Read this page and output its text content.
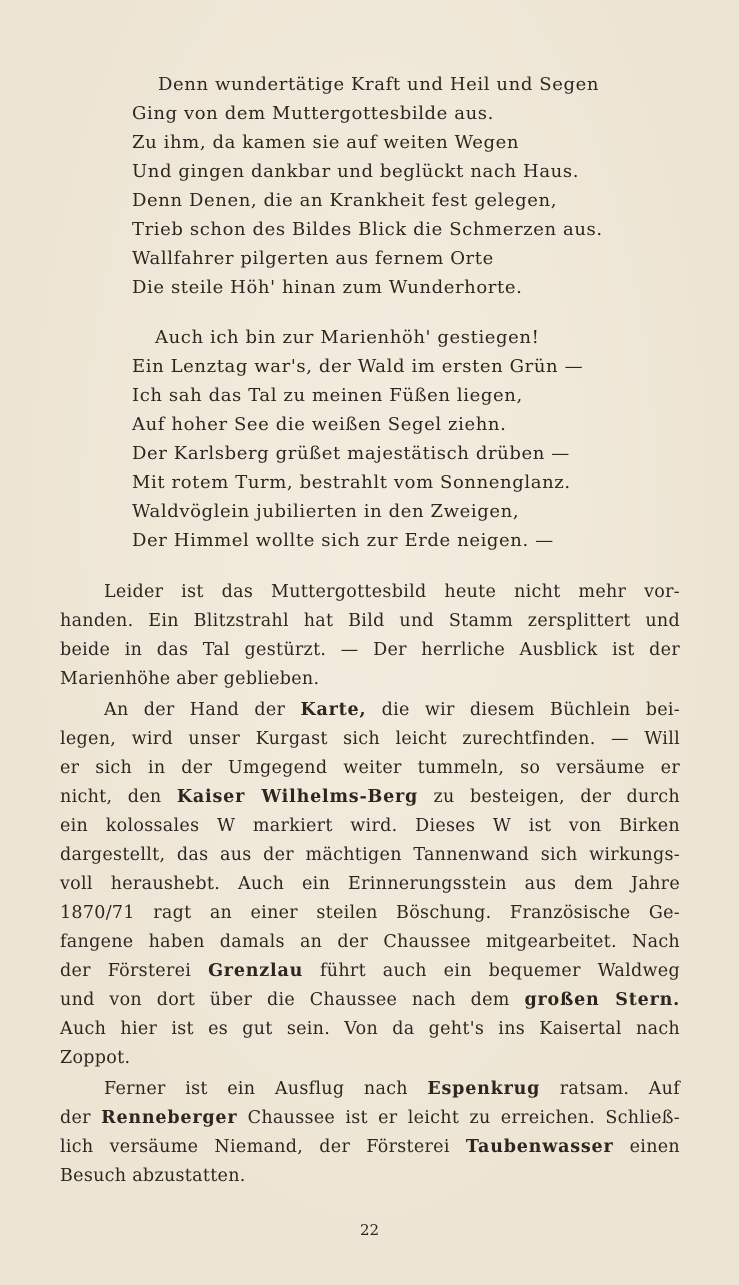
Denn wundertätige Kraft und Heil und Segen
Ging von dem Muttergottesbilde aus.
Zu ihm, da kamen sie auf weiten Wegen
Und gingen dankbar und beglückt nach Haus.
Denn Denen, die an Krankheit fest gelegen,
Trieb schon des Bildes Blick die Schmerzen aus.
Wallfahrer pilgerten aus fernem Orte
Die steile Höh' hinan zum Wunderhorte.
Auch ich bin zur Marienhöh' gestiegen!
Ein Lenztag war's, der Wald im ersten Grün —
Ich sah das Tal zu meinen Füßen liegen,
Auf hoher See die weißen Segel ziehn.
Der Karlsberg grüßet majestätisch drüben —
Mit rotem Turm, bestrahlt vom Sonnenglanz.
Waldvöglein jubilierten in den Zweigen,
Der Himmel wollte sich zur Erde neigen. —
Leider ist das Muttergottesbild heute nicht mehr vor-
handen. Ein Blitzstrahl hat Bild und Stamm zersplittert und
beide in das Tal gestürzt. — Der herrliche Ausblick ist der
Marienhöhe aber geblieben.
An der Hand der Karte, die wir diesem Büchlein bei-
legen, wird unser Kurgast sich leicht zurechtfinden. — Will
er sich in der Umgegend weiter tummeln, so versäume er
nicht, den Kaiser Wilhelms-Berg zu besteigen, der durch
ein kolossales W markiert wird. Dieses W ist von Birken
dargestellt, das aus der mächtigen Tannenwand sich wirkungs-
voll heraushebt. Auch ein Erinnerungsstein aus dem Jahre
1870/71 ragt an einer steilen Böschung. Französische Ge-
fangene haben damals an der Chaussee mitgearbeitet. Nach
der Försterei Grenzlau führt auch ein bequemer Waldweg
und von dort über die Chaussee nach dem großen Stern.
Auch hier ist es gut sein. Von da geht's ins Kaisertal nach
Zoppot.
Ferner ist ein Ausflug nach Espenkrug ratsam. Auf
der Renneberger Chaussee ist er leicht zu erreichen. Schließ-
lich versäume Niemand, der Försterei Taubenwasser einen
Besuch abzustatten.
22
